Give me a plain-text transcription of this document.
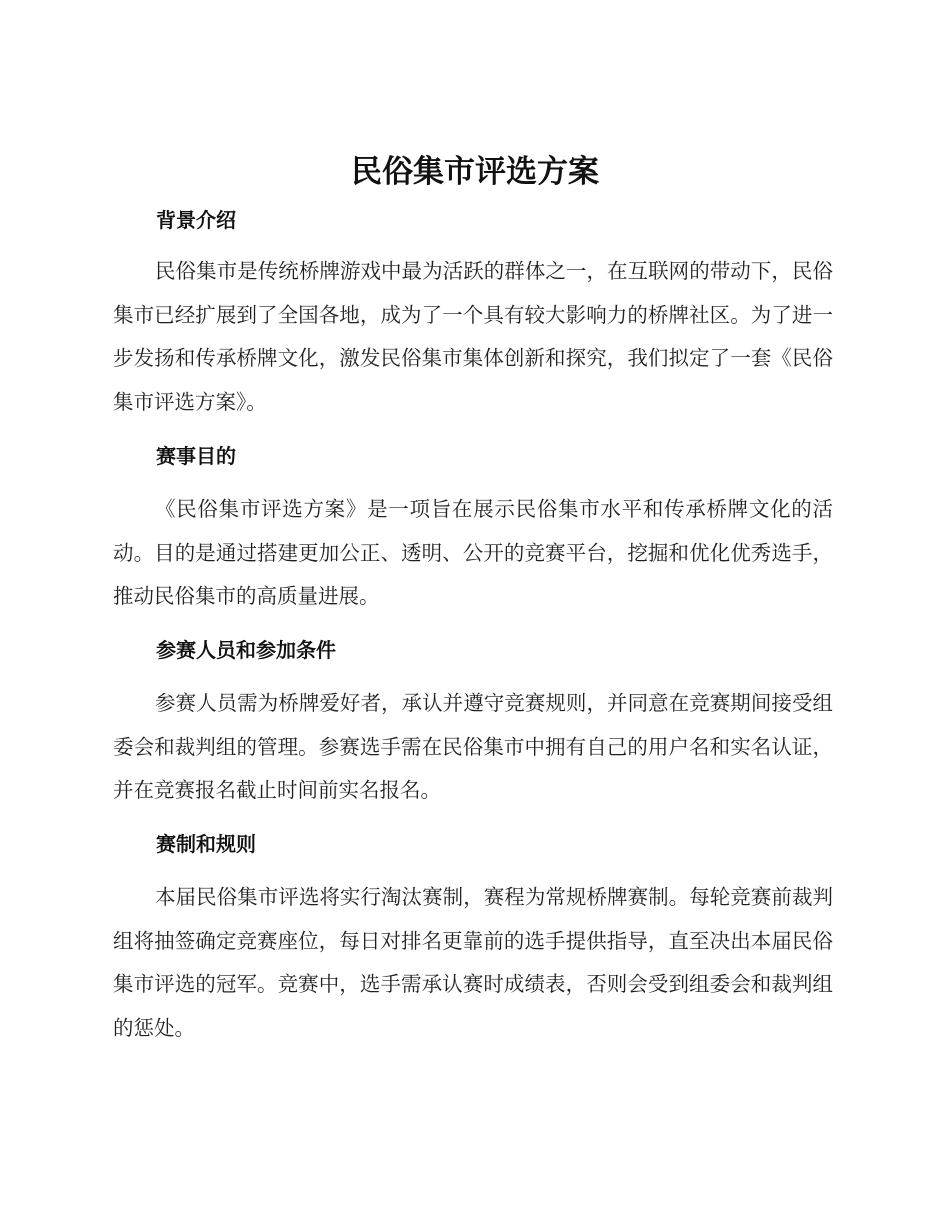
民俗集市评选方案
背景介绍

民俗集市是传统桥牌游戏中最为活跃的群体之一，在互联网的带动下，民俗集市已经扩展到了全国各地，成为了一个具有较大影响力的桥牌社区。为了进一步发扬和传承桥牌文化，激发民俗集市集体创新和探究，我们拟定了一套《民俗集市评选方案》。

赛事目的

《民俗集市评选方案》是一项旨在展示民俗集市水平和传承桥牌文化的活动。目的是通过搭建更加公正、透明、公开的竞赛平台，挖掘和优化优秀选手，推动民俗集市的高质量进展。

参赛人员和参加条件

参赛人员需为桥牌爱好者，承认并遵守竞赛规则，并同意在竞赛期间接受组委会和裁判组的管理。参赛选手需在民俗集市中拥有自己的用户名和实名认证，并在竞赛报名截止时间前实名报名。

赛制和规则

本届民俗集市评选将实行淘汰赛制，赛程为常规桥牌赛制。每轮竞赛前裁判组将抽签确定竞赛座位，每日对排名更靠前的选手提供指导，直至决出本届民俗集市评选的冠军。竞赛中，选手需承认赛时成绩表，否则会受到组委会和裁判组的惩处。
